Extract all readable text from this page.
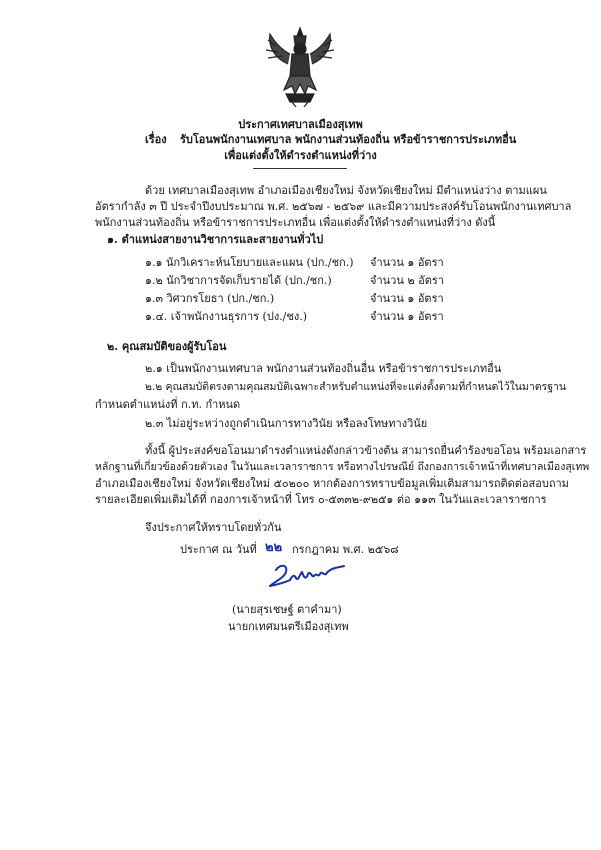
ประกาศเทศบาลเมืองสุเทพ
เรื่อง รับโอนพนักงานเทศบาล พนักงานส่วนท้องถิ่น หรือข้าราชการประเภทอื่น
เพื่อแต่งตั้งให้ดำรงตำแหน่งที่ว่าง
ด้วย เทศบาลเมืองสุเทพ อำเภอเมืองเชียงใหม่ จังหวัดเชียงใหม่ มีตำแหน่งว่าง ตามแผน
อัตรากำลัง ๓ ปี ประจำปีงบประมาณ พ.ศ. ๒๕๖๗ - ๒๕๖๙ และมีความประสงค์รับโอนพนักงานเทศบาล
พนักงานส่วนท้องถิ่น หรือข้าราชการประเภทอื่น เพื่อแต่งตั้งให้ดำรงตำแหน่งที่ว่าง ดังนี้
๑. ตำแหน่งสายงานวิชาการและสายงานทั่วไป
๑.๑ นักวิเคราะห์นโยบายและแผน (ปก./ชก.) จำนวน ๑ อัตรา
๑.๒ นักวิชาการจัดเก็บรายได้ (ปก./ชก.)	จำนวน ๒ อัตรา
๑.๓ วิศวกรโยธา (ปก./ชก.)	จำนวน ๑ อัตรา
๑.๔. เจ้าพนักงานธุรการ (ปง./ชง.)	จำนวน ๑ อัตรา
๒. คุณสมบัติของผู้รับโอน
๒.๑ เป็นพนักงานเทศบาล พนักงานส่วนท้องถิ่นอื่น หรือข้าราชการประเภทอื่น
๒.๒ คุณสมบัติตรงตามคุณสมบัติเฉพาะสำหรับตำแหน่งที่จะแต่งตั้งตามที่กำหนดไว้ในมาตรฐาน
กำหนดตำแหน่งที่ ก.ท. กำหนด
๒.๓ ไม่อยู่ระหว่างถูกดำเนินการทางวินัย หรือลงโทษทางวินัย
ทั้งนี้ ผู้ประสงค์ขอโอนมาดำรงตำแหน่งดังกล่าวข้างต้น สามารถยื่นคำร้องขอโอน พร้อมเอกสาร
หลักฐานที่เกี่ยวข้องด้วยตัวเอง ในวันและเวลาราชการ หรือทางไปรษณีย์ ถึงกองการเจ้าหน้าที่เทศบาลเมืองสุเทพ
อำเภอเมืองเชียงใหม่ จังหวัดเชียงใหม่ ๕๐๒๐๐ หากต้องการทราบข้อมูลเพิ่มเติมสามารถติดต่อสอบถาม
รายละเอียดเพิ่มเติมได้ที่ กองการเจ้าหน้าที่ โทร ๐-๕๓๓๒-๙๒๕๑ ต่อ ๑๑๓ ในวันและเวลาราชการ
จึงประกาศให้ทราบโดยทั่วกัน
ประกาศ ณ วันที่ ๒๒ กรกฎาคม พ.ศ. ๒๕๖๘
(นายสุรเชษฐ์ ตาคำมา)
นายกเทศมนตรีเมืองสุเทพ
